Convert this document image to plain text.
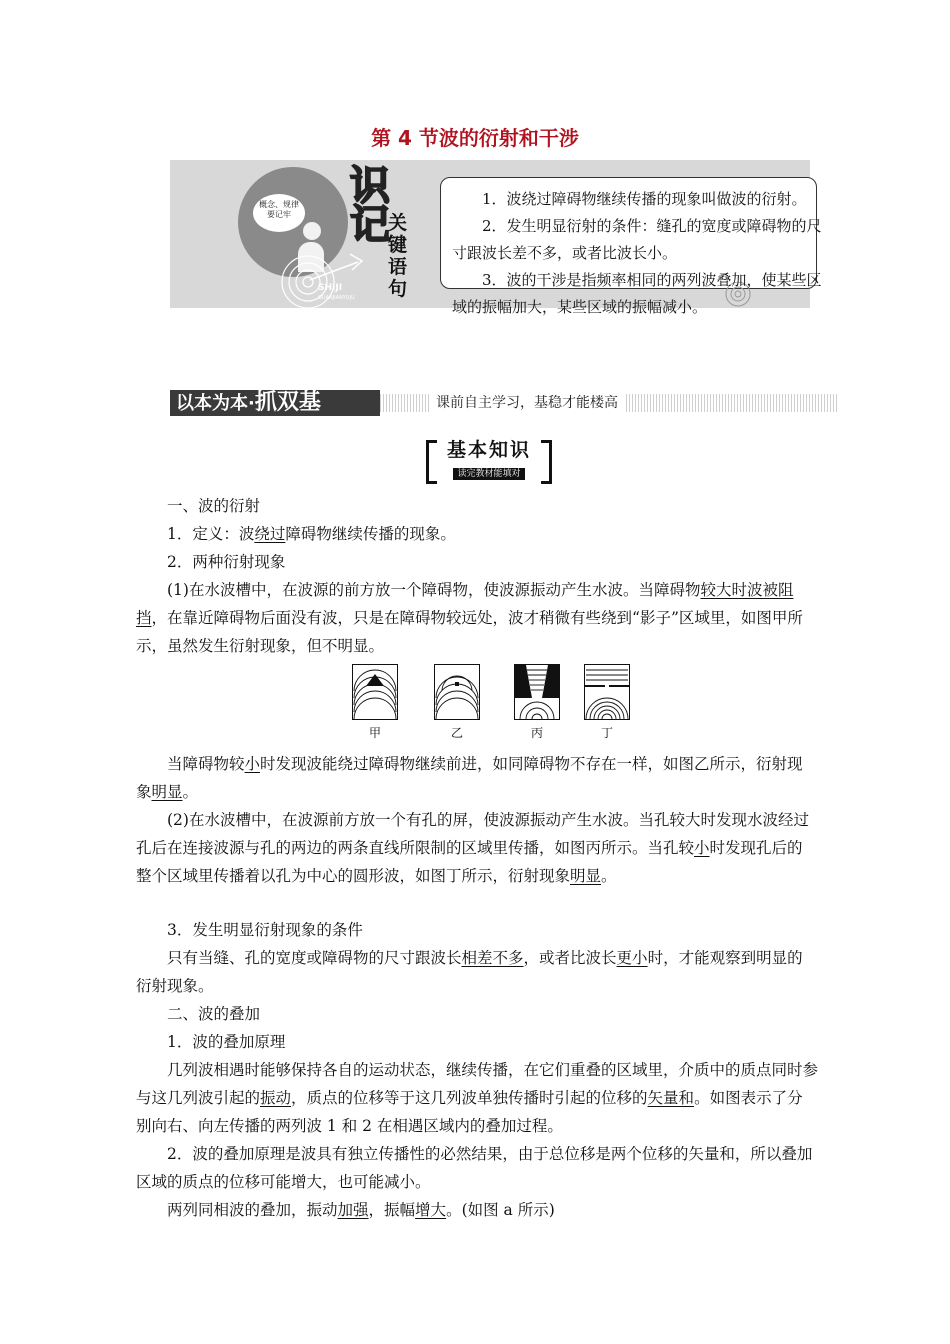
第 4 节波的衍射和干涉
概念、规律
要记牢
SHIJI
GUANJIANYUJU
识
记
关
键
语
句

1．波绕过障碍物继续传播的现象叫做波的衍射。

2．发生明显衍射的条件：缝孔的宽度或障碍物的尺寸跟波长差不多，或者比波长小。

3．波的干涉是指频率相同的两列波叠加，使某些区域的振幅加大，某些区域的振幅减小。

以本为本·抓双基	课前自主学习，基稳才能楼高
基本知识
读完教材能填对

一、波的衍射

1．定义：波绕过障碍物继续传播的现象。

2．两种衍射现象

(1)在水波槽中，在波源的前方放一个障碍物，使波源振动产生水波。当障碍物较大时波被阻挡，在靠近障碍物后面没有波，只是在障碍物较远处，波才稍微有些绕到“影子”区域里，如图甲所示，虽然发生衍射现象，但不明显。

当障碍物较小时发现波能绕过障碍物继续前进，如同障碍物不存在一样，如图乙所示，衍射现象明显。

(2)在水波槽中，在波源前方放一个有孔的屏，使波源振动产生水波。当孔较大时发现水波经过孔后在连接波源与孔的两边的两条直线所限制的区域里传播，如图丙所示。当孔较小时发现孔后的整个区域里传播着以孔为中心的圆形波，如图丁所示，衍射现象明显。

3．发生明显衍射现象的条件

只有当缝、孔的宽度或障碍物的尺寸跟波长相差不多，或者比波长更小时，才能观察到明显的衍射现象。

二、波的叠加

1．波的叠加原理

几列波相遇时能够保持各自的运动状态，继续传播，在它们重叠的区域里，介质中的质点同时参与这几列波引起的振动，质点的位移等于这几列波单独传播时引起的位移的矢量和。如图表示了分别向右、向左传播的两列波 1 和 2 在相遇区域内的叠加过程。

2．波的叠加原理是波具有独立传播性的必然结果，由于总位移是两个位移的矢量和，所以叠加区域的质点的位移可能增大，也可能减小。

两列同相波的叠加，振动加强，振幅增大。(如图 a 所示)

甲	乙	丙	丁
